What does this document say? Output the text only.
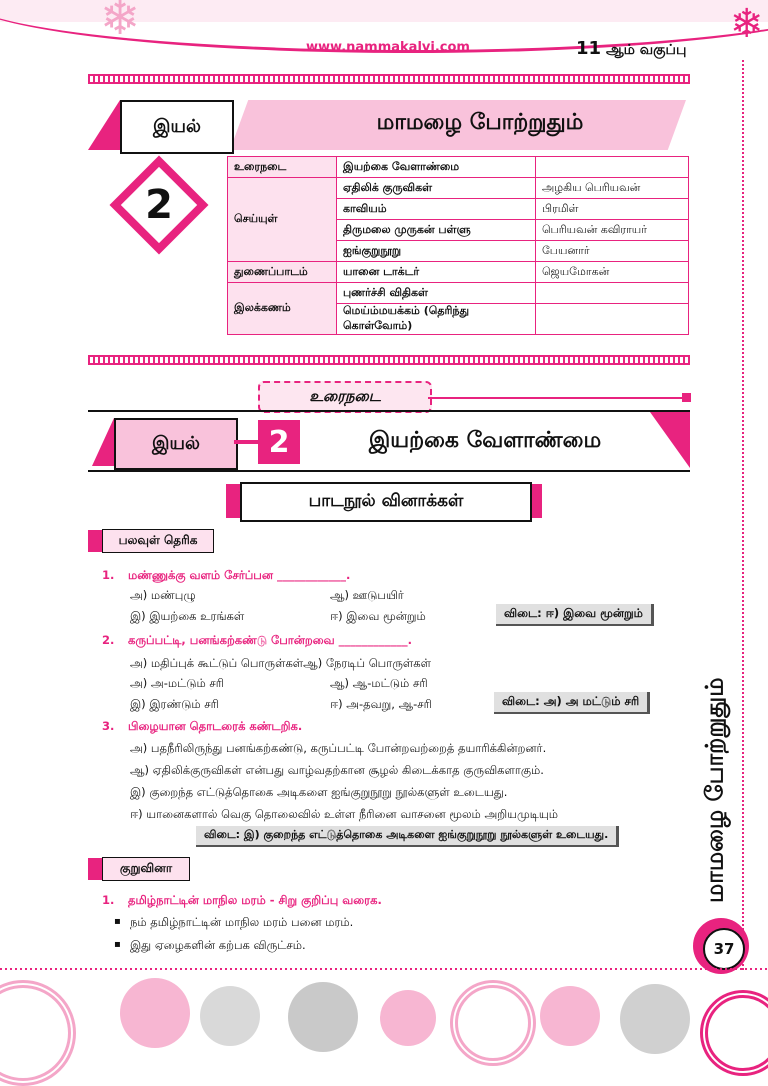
❄	❄
www.nammakalvi.com	11 ஆம் வகுப்பு
இயல்	மாமழை போற்றுதும்
2
உரைநடை	இயற்கை வேளாண்மை	
செய்யுள்	ஏதிலிக் குருவிகள்	அழகிய பெரியவன்
	காவியம்	பிரமிள்
	திருமலை முருகன் பள்ளு	பெரியவன் கவிராயர்
	ஐங்குறுநூறு	பேயனார்
துணைப்பாடம்	யானை டாக்டர்	ஜெயமோகன்
இலக்கணம்	புணர்ச்சி விதிகள்	
	மெய்ம்மயக்கம் (தெரிந்து கொள்வோம்)	
உரைநடை
இயல்	2	இயற்கை வேளாண்மை
பாடநூல் வினாக்கள்
பலவுள் தெரிக
1. மண்ணுக்கு வளம் சேர்ப்பன ____________.
அ) மண்புழு	ஆ) ஊடுபயிர்
இ) இயற்கை உரங்கள்	ஈ) இவை மூன்றும்	விடை: ஈ) இவை மூன்றும்
2. கருப்பட்டி, பனங்கற்கண்டு போன்றவை ____________.
அ) மதிப்புக் கூட்டுப் பொருள்கள்ஆ) நேரடிப் பொருள்கள்
அ) அ-மட்டும் சரி	ஆ) ஆ-மட்டும் சரி
இ) இரண்டும் சரி	ஈ) அ-தவறு, ஆ-சரி	விடை: அ) அ மட்டும் சரி
3. பிழையான தொடரைக் கண்டறிக.
அ) பதநீரிலிருந்து பனங்கற்கண்டு, கருப்பட்டி போன்றவற்றைத் தயாரிக்கின்றனர்.
ஆ) ஏதிலிக்குருவிகள் என்பது வாழ்வதற்கான சூழல் கிடைக்காத குருவிகளாகும்.
இ) குறைந்த எட்டுத்தொகை அடிகளை ஐங்குறுநூறு நூல்களுள் உடையது.
ஈ) யானைகளால் வெகு தொலைவில் உள்ள நீரினை வாசனை மூலம் அறியமுடியும்
விடை: இ) குறைந்த எட்டுத்தொகை அடிகளை ஐங்குறுநூறு நூல்களுள் உடையது.
குறுவினா
1. தமிழ்நாட்டின் மாநில மரம் - சிறு குறிப்பு வரைக.
▪ நம் தமிழ்நாட்டின் மாநில மரம் பனை மரம்.
▪ இது ஏழைகளின் கற்பக விருட்சம்.
மாமழை போற்றுதும்
37
